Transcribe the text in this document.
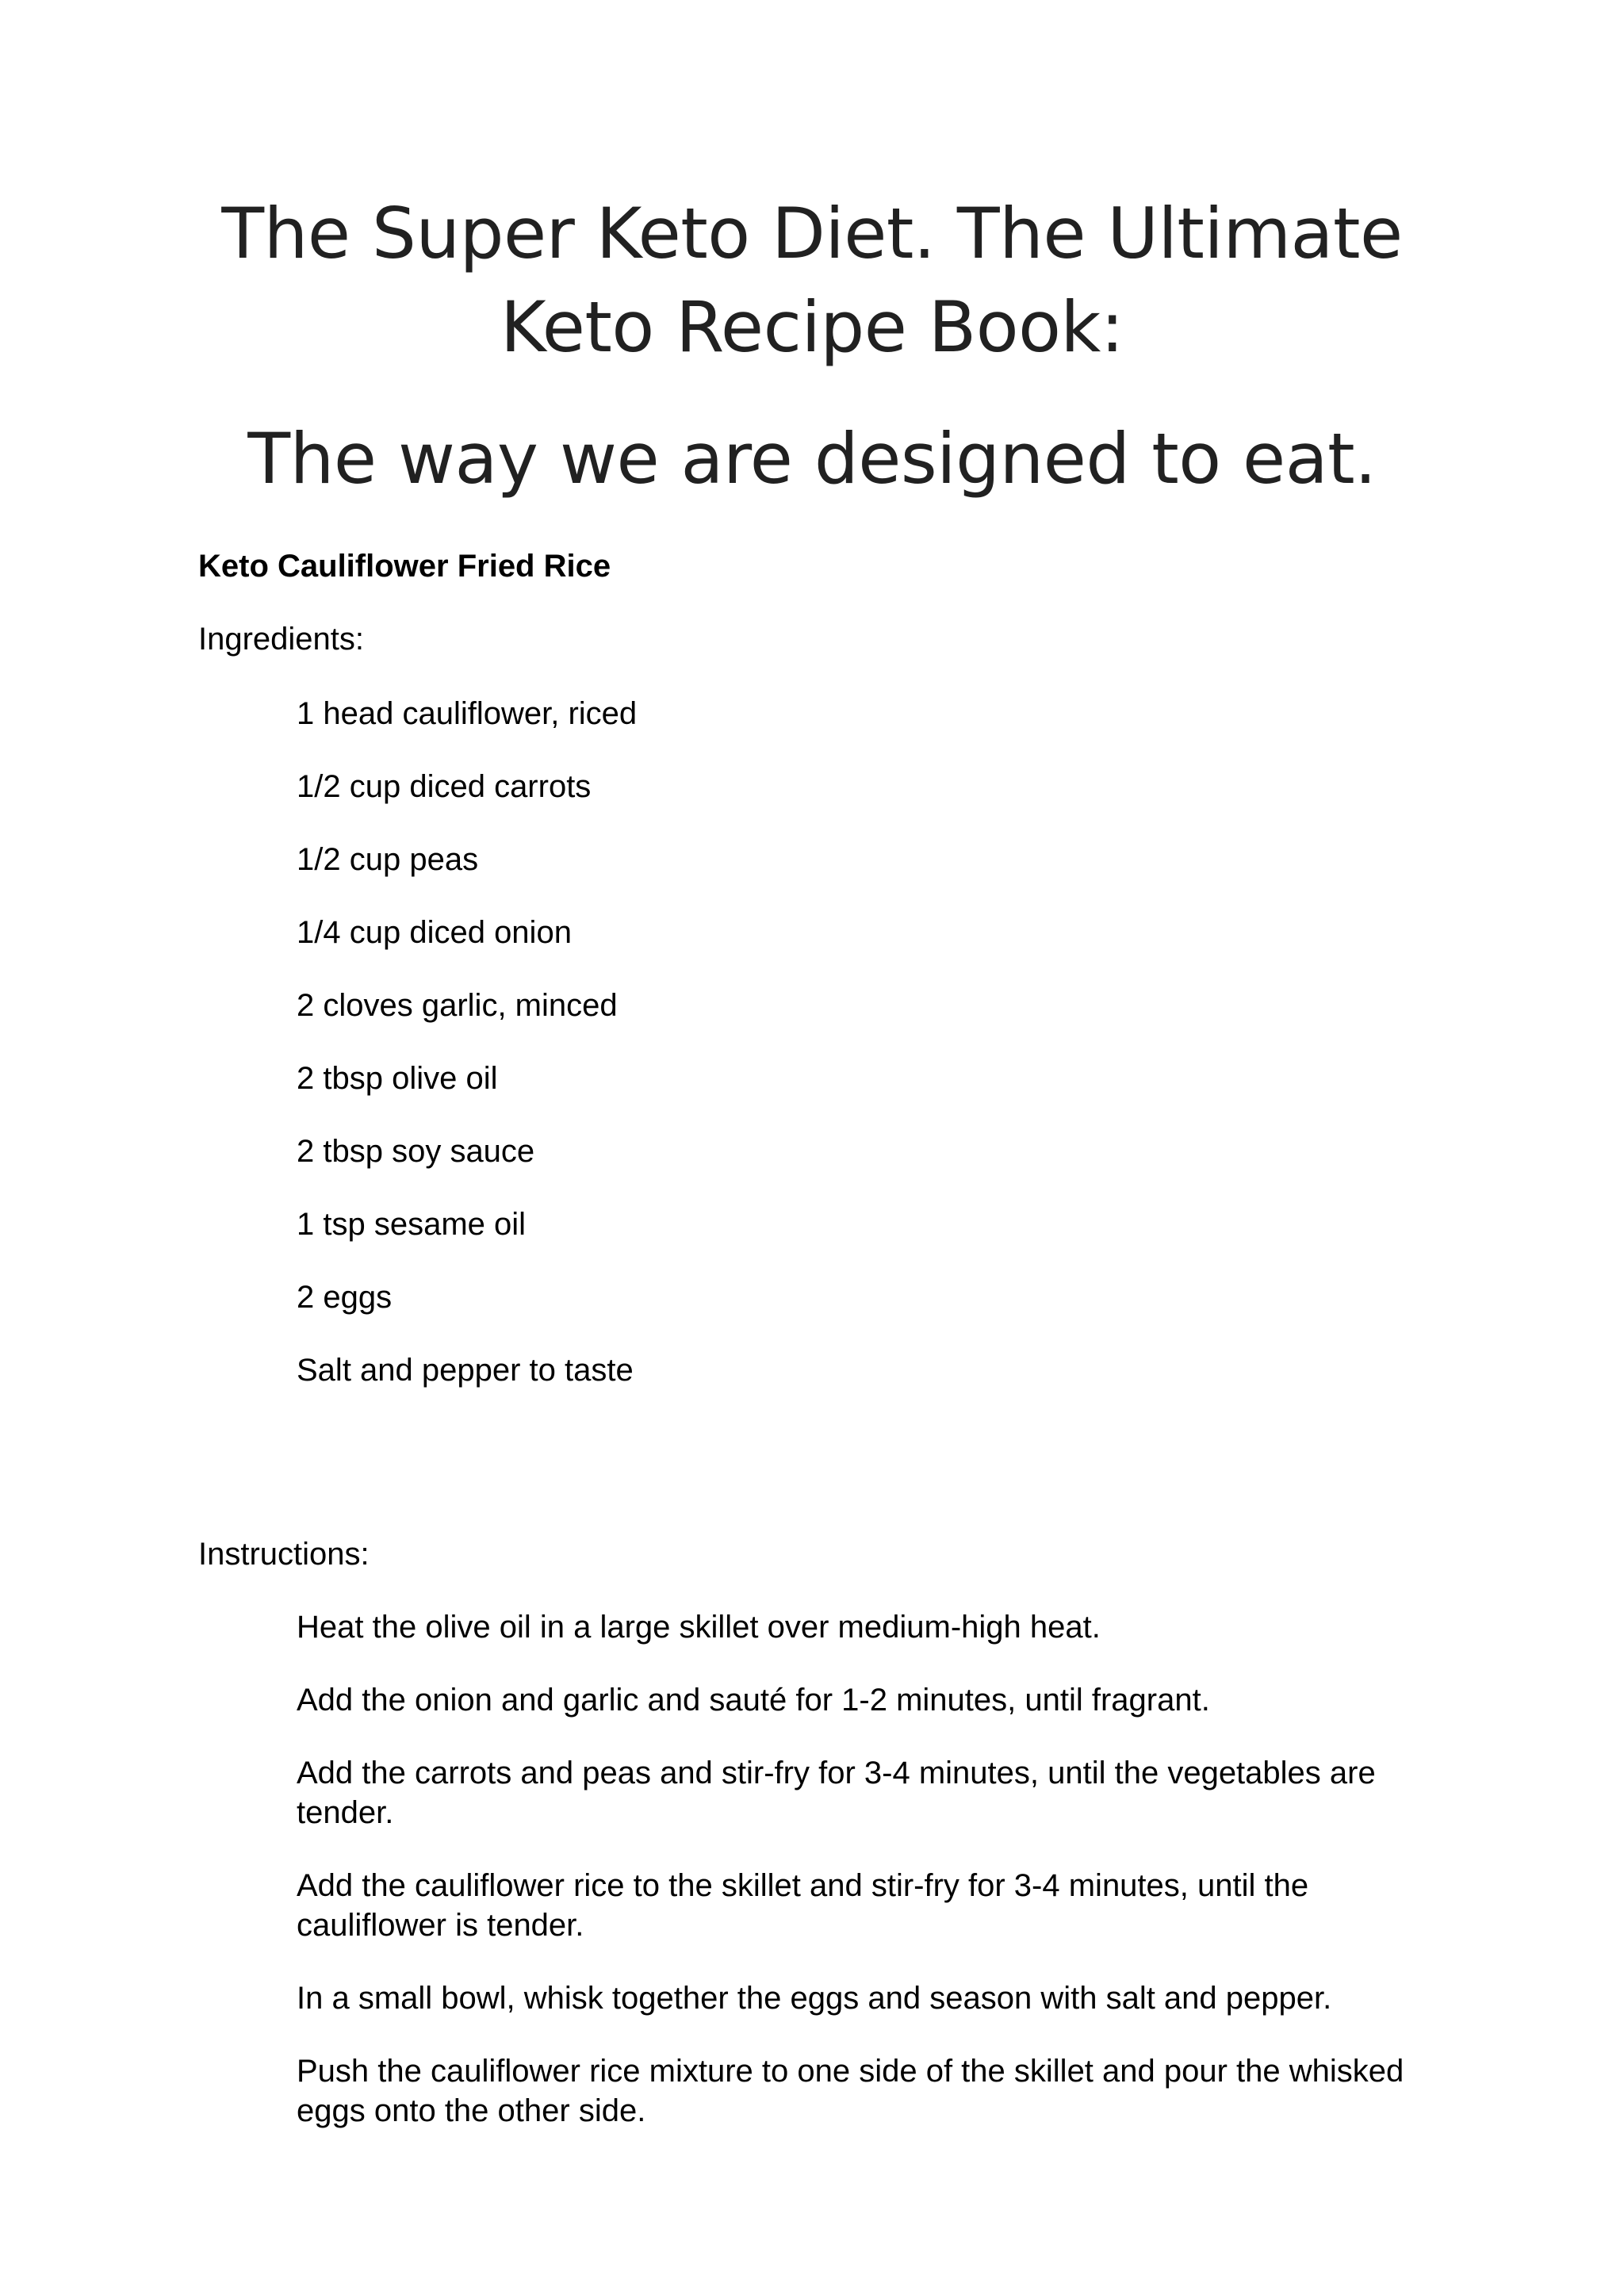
The Super Keto Diet. The Ultimate Keto Recipe Book:
The way we are designed to eat.
Keto Cauliflower Fried Rice

Ingredients:

1 head cauliflower, riced
1/2 cup diced carrots
1/2 cup peas
1/4 cup diced onion
2 cloves garlic, minced
2 tbsp olive oil
2 tbsp soy sauce
1 tsp sesame oil
2 eggs
Salt and pepper to taste

Instructions:

Heat the olive oil in a large skillet over medium-high heat.
Add the onion and garlic and sauté for 1-2 minutes, until fragrant.
Add the carrots and peas and stir-fry for 3-4 minutes, until the vegetables are tender.
Add the cauliflower rice to the skillet and stir-fry for 3-4 minutes, until the cauliflower is tender.
In a small bowl, whisk together the eggs and season with salt and pepper.
Push the cauliflower rice mixture to one side of the skillet and pour the whisked eggs onto the other side.
